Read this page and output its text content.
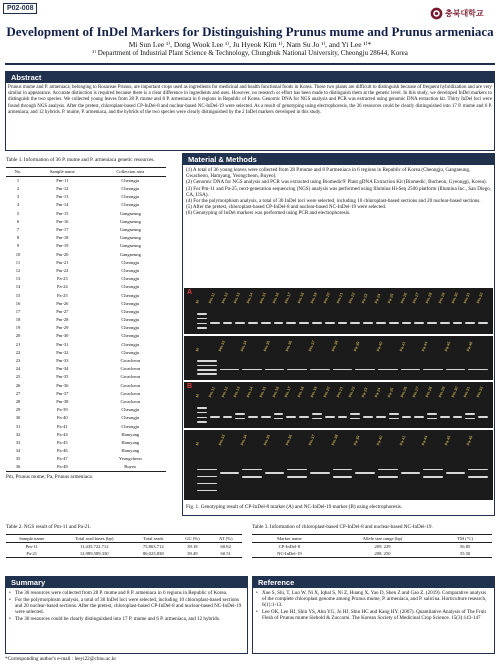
P02-008	충북대학교
Development of InDel Markers for Distinguishing Prunus mume and Prunus armeniaca
Mi Sun Lee ¹⁾, Dong Wook Lee ¹⁾, Ju Hyeok Kim ¹⁾, Nam Su Jo ¹⁾, and Yi Lee ¹⁾*
¹⁾ Department of Industrial Plant Science & Technology, Chungbuk National University, Cheongju 28644, Korea
Abstract
Prunus mume and P. armeniaca, belonging to Rosaceae Prunus, are important crops used as ingredients for medicinal and health functional foods in Korea. These two plants are difficult to distinguish because of frequent hybridization and are very similar in appearance. Accurate distinction is required because there is a clear difference in ingredients and uses. However, no research or effort has been made to distinguish them at the genetic level. In this study, we developed InDel markers to distinguish the two species. We collected young leaves from 28 P. mume and 8 P. armeniaca in 6 regions in Republic of Korea. Genomic DNA for NGS analysis and PCR was extracted using genomic DNA extraction kit. Thirty InDel loci were found through NGS analysis. After the pretest, chloroplast-based CP-InDel-8 and nuclear-based NC-InDel-19 were selected. As a result of genotyping using electrophoresis, the 36 resources could be clearly distinguished into 17 P. mume and 6 P. armeniaca, and 12 hybrids. P. mume, P. armeniaca, and the hybrids of the two species were clearly distinguished by the 2 InDel markers developed in this study.
Table 1. Information of 36 P. mume and P. armeniaca genetic resources.
No.	Sample name	Collection area
1	Pm-11	Cheongju
2	Pm-12	Cheongju
3	Pm-13	Cheongju
4	Pm-14	Cheongju
5	Pm-15	Gangneung
6	Pm-16	Gangneung
7	Pm-17	Gangneung
8	Pm-18	Gangneung
9	Pm-19	Gangneung
10	Pm-20	Gangneung
11	Pm-21	Cheongju
12	Pm-22	Cheongju
13	Pa-23	Cheongju
14	Pa-24	Cheongju
15	Pa-25	Cheongju
16	Pm-26	Cheongju
17	Pm-27	Cheongju
18	Pm-28	Cheongju
19	Pm-29	Cheongju
20	Pm-30	Cheongju
21	Pm-31	Cheongju
22	Pm-32	Cheongju
23	Pm-33	Gwacheon
24	Pm-34	Gwacheon
25	Pm-35	Gwacheon
26	Pm-36	Gwacheon
27	Pm-37	Gwacheon
28	Pm-38	Gwacheon
29	Pa-39	Cheongju
30	Pa-40	Cheongju
31	Pa-41	Cheongju
32	Pa-44	Hamyang
33	Pa-45	Hamyang
34	Pa-46	Hamyang
35	Pa-47	Yeongcheon
36	Pa-48	Buyeo
Pm, Prunus mume; Pa, Prunus armeniaca.
Material & Methods
(1) A total of 36 young leaves were collected from 28 P.mume and 8 P.armeniaca in 6 regions in Republic of Korea (Cheongju, Gangneung, Gwacheon, Hamyang, Yeongcheon, Buyeo).
(2) Genomic DNA for NGS analysis and PCR was extracted using Biomedic® Plant gDNA Extraction Kit (Biomedic, Bucheon, Gyeonggi, Korea).
(3) For Pm-11 and Pa-25, next-generation sequencing (NGS) analysis was performed using Illumina Hi-Seq 2500 platform (Illumina Inc., San Diego, CA, USA).
(4) For the polymorphism analysis, a total of 30 InDel loci were selected, including 10 chloroplast-based sections and 20 nuclear-based sections.
(5) After the pretest, chloroplast-based CP-InDel-8 and nuclear-based NC-InDel-19 were selected.
(6) Genotyping of InDel markers was performed using PCR and electrophoresis.
A
B
M Pm-11 Pm-12 Pm-13 Pm-14 Pm-15 Pm-16 Pm-17 Pm-18 Pm-19 Pm-20 Pm-21 Pm-22 Pa-23 Pa-24 Pa-25 Pm-26 Pm-27 Pm-28 Pm-29 Pm-30 Pm-31 Pm-32
M	Pm-33	Pm-34	Pm-35	Pm-36	Pm-37	Pm-38	Pa-39	Pa-40	Pa-41	Pa-44	Pa-45	Pa-46
M Pm-11 Pm-12 Pm-13 Pm-14 Pm-15 Pm-16 Pm-17 Pm-18 Pm-19 Pm-20 Pm-21 Pm-22 Pa-23 Pa-24 Pa-25 Pm-26 Pm-27 Pm-28 Pm-29 Pm-30 Pm-31 Pm-32
M	Pm-33	Pm-34	Pm-35	Pm-36	Pm-37	Pm-38	Pa-39	Pa-40	Pa-41	Pa-44	Pa-45	Pa-46
Fig. 1. Genotyping result of CP-InDel-8 marker (A) and NC-InDel-19 marker (B) using electrophoresis.
Table 2. NGS result of Pm-11 and Pa-21.
Sample name	Total read bases (bp)	Total reads	GC (%)	AT (%)
Pm-11	11,435,722,712	75,863,712	39.18	60.82
Pa-21	12,989,589,330	86,023,838	39.49	60.51
Table 3. Information of chloroplast-based CP-InDel-8 and nuclear-based NC-InDel-19.
Marker name	Allele size range (bp)	TM (°C)
CP-InDel-8	209, 229	56.85
NC-InDel-19	208, 250	55.50
Summary
• The 36 resources were collected from 28 P. mume and 8 P. armeniaca in 6 regions in Republic of Korea.
• For the polymorphism analysis, a total of 30 InDel loci were selected, including 10 chloroplast-based sections and 20 nuclear-based sections. After the pretest, chloroplast-based CP-InDel-8 and nuclear-based NC-InDel-19 were selected.
• The 36 resources could be clearly distinguished into 17 P. mume and 6 P. armeniaca, and 12 hybrids.
Reference
• Xue S, Shi, T, Luo W, Ni X, Iqbal S, Ni Z, Huang X, Yao D, Shen Z and Gao Z. (2019). Comparative analysis of the complete chloroplast genome among Prunus mume, P. armeniaca, and P. salicina. Horticulture research, 6(1):1-13.
• Lee OK, Lee HJ, Shin YS, Ahn YG, Jo HJ, Shin HC and Kang HY. (2007). Quantitative Analysis of The Fruit Flesh of Prunus mume Siebold & Zuccarni. The Korean Society of Medicinal Crop Science. 15(3):143-147
*Corresponding author's e-mail : leeyi22@cbnu.ac.kr
